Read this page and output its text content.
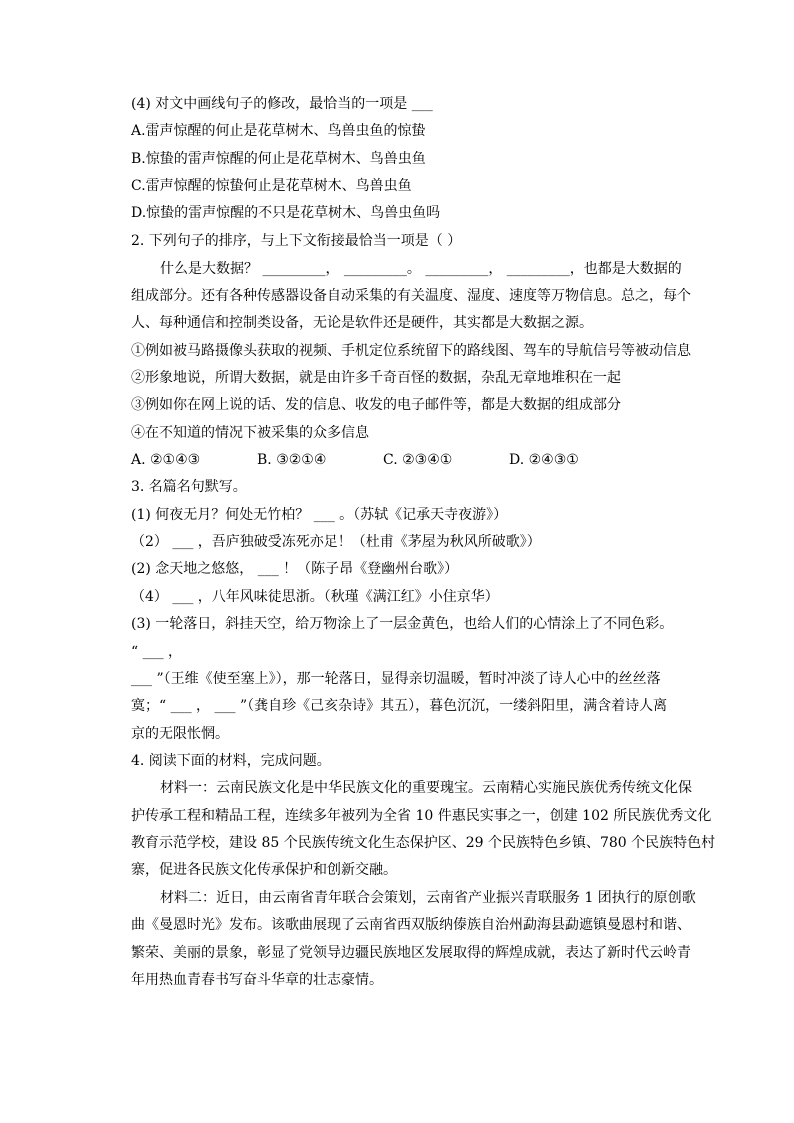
(4) 对文中画线句子的修改，最恰当的一项是 ___
A.雷声惊醒的何止是花草树木、鸟兽虫鱼的惊蛰
B.惊蛰的雷声惊醒的何止是花草树木、鸟兽虫鱼
C.雷声惊醒的惊蛰何止是花草树木、鸟兽虫鱼
D.惊蛰的雷声惊醒的不只是花草树木、鸟兽虫鱼吗
2. 下列句子的排序，与上下文衔接最恰当一项是（ ）
什么是大数据？ _________， _________。 _________， _________，也都是大数据的
组成部分。还有各种传感器设备自动采集的有关温度、湿度、速度等万物信息。总之，每个
人、每种通信和控制类设备，无论是软件还是硬件，其实都是大数据之源。
①例如被马路摄像头获取的视频、手机定位系统留下的路线图、驾车的导航信号等被动信息
②形象地说，所谓大数据，就是由许多千奇百怪的数据，杂乱无章地堆积在一起
③例如你在网上说的话、发的信息、收发的电子邮件等，都是大数据的组成部分
④在不知道的情况下被采集的众多信息
A. ②①④③	B. ③②①④	C. ②③④①	D. ②④③①
3. 名篇名句默写。
(1) 何夜无月？何处无竹柏？ ___ 。（苏轼《记承天寺夜游》）
（2） ___ ，吾庐独破受冻死亦足！（杜甫《茅屋为秋风所破歌》）
(2) 念天地之悠悠， ___ ！（陈子昂《登幽州台歌》）
（4） ___ ，八年风味徒思浙。（秋瑾《满江红》小住京华）
(3) 一轮落日，斜挂天空，给万物涂上了一层金黄色，也给人们的心情涂上了不同色彩。
“ ___ ，
___ ”（王维《使至塞上》），那一轮落日，显得亲切温暖，暂时冲淡了诗人心中的丝丝落
寞；“ ___ ， ___ ”（龚自珍《己亥杂诗》其五），暮色沉沉，一缕斜阳里，满含着诗人离
京的无限怅惘。
4. 阅读下面的材料，完成问题。
材料一：云南民族文化是中华民族文化的重要瑰宝。云南精心实施民族优秀传统文化保
护传承工程和精品工程，连续多年被列为全省 10 件惠民实事之一，创建 102 所民族优秀文化
教育示范学校，建设 85 个民族传统文化生态保护区、29 个民族特色乡镇、780 个民族特色村
寨，促进各民族文化传承保护和创新交融。
材料二：近日，由云南省青年联合会策划，云南省产业振兴青联服务 1 团执行的原创歌
曲《曼恩时光》发布。该歌曲展现了云南省西双版纳傣族自治州勐海县勐遮镇曼恩村和谐、
繁荣、美丽的景象，彰显了党领导边疆民族地区发展取得的辉煌成就，表达了新时代云岭青
年用热血青春书写奋斗华章的壮志豪情。
